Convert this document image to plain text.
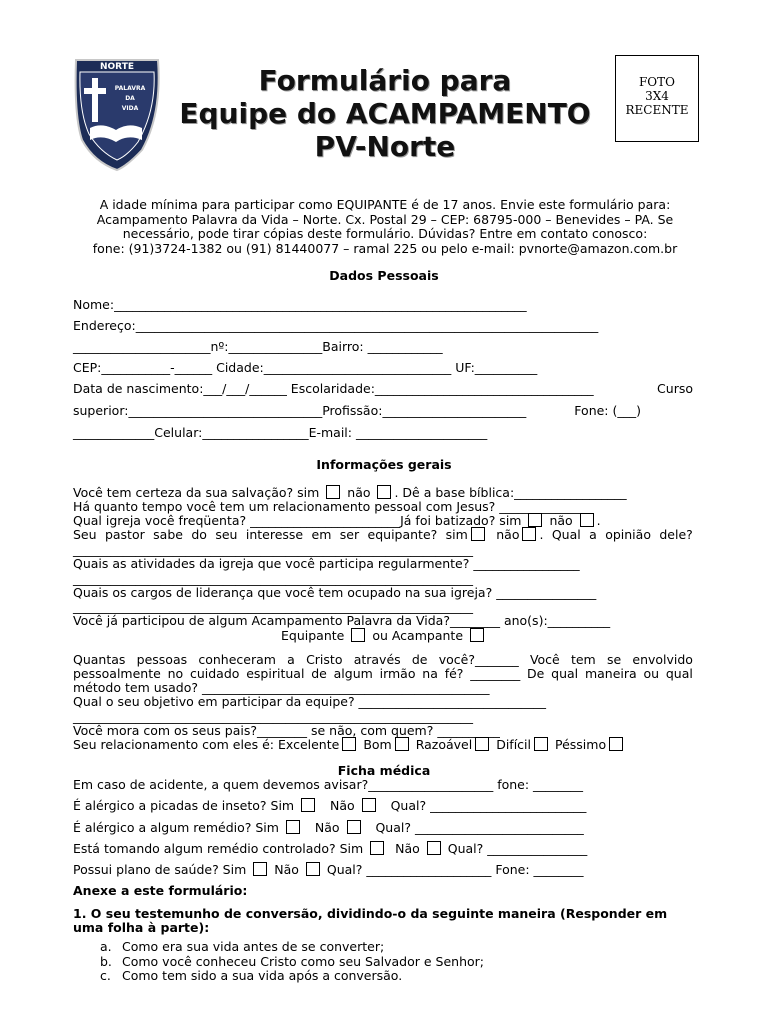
NORTE
PALAVRA
DA
VIDA
Formulário para
Equipe do ACAMPAMENTO
PV-Norte
FOTO
3X4
RECENTE
A idade mínima para participar como EQUIPANTE é de 17 anos. Envie este formulário para:
Acampamento Palavra da Vida – Norte. Cx. Postal 29 – CEP: 68795-000 – Benevides – PA. Se
necessário, pode tirar cópias deste formulário. Dúvidas? Entre em contato conosco:
fone: (91)3724-1382 ou (91) 81440077 – ramal 225 ou pelo e-mail: pvnorte@amazon.com.br
Dados Pessoais
Nome:__________________________________________________________________
Endereço:__________________________________________________________________________
______________________nº:_______________Bairro: ____________
CEP:___________-______ Cidade:______________________________ UF:__________
Data de nascimento:___/___/______ Escolaridade:___________________________________	Curso
superior:_______________________________Profissão:_______________________	Fone: (___)
_____________Celular:_________________E-mail: _____________________
Informações gerais
Você tem certeza da sua salvação? sim não . Dê a base bíblica:__________________
Há quanto tempo você tem um relacionamento pessoal com Jesus? ______________
Qual igreja você freqüenta? ________________________Já foi batizado? sim não .
Seu pastor sabe do seu interesse em ser equipante? sim	não . Qual a opinião dele?
________________________________________________________________
Quais as atividades da igreja que você participa regularmente? _________________
________________________________________________________________
Quais os cargos de liderança que você tem ocupado na sua igreja? ________________
________________________________________________________________
Você já participou de algum Acampamento Palavra da Vida?________ ano(s):__________
Equipante ou Acampante
Quantas pessoas conheceram a Cristo através de você?_______ Você tem se envolvido
pessoalmente no cuidado espiritual de algum irmão na fé? ________ De qual maneira ou qual
método tem usado? ______________________________________________
Qual o seu objetivo em participar da equipe? ______________________________
________________________________________________________________
Você mora com os seus pais?________ se não, com quem? __________
Seu relacionamento com eles é: Excelente Bom Razoável Difícil Péssimo
Ficha médica
Em caso de acidente, a quem devemos avisar?____________________ fone: ________
É alérgico a picadas de inseto? Sim	Não	Qual? _________________________
É alérgico a algum remédio? Sim	Não	Qual? ___________________________
Está tomando algum remédio controlado? Sim	Não Qual? ________________
Possui plano de saúde? Sim Não Qual? ____________________ Fone: ________
Anexe a este formulário:
1. O seu testemunho de conversão, dividindo-o da seguinte maneira (Responder em
uma folha à parte):
a. Como era sua vida antes de se converter;
b. Como você conheceu Cristo como seu Salvador e Senhor;
c. Como tem sido a sua vida após a conversão.
